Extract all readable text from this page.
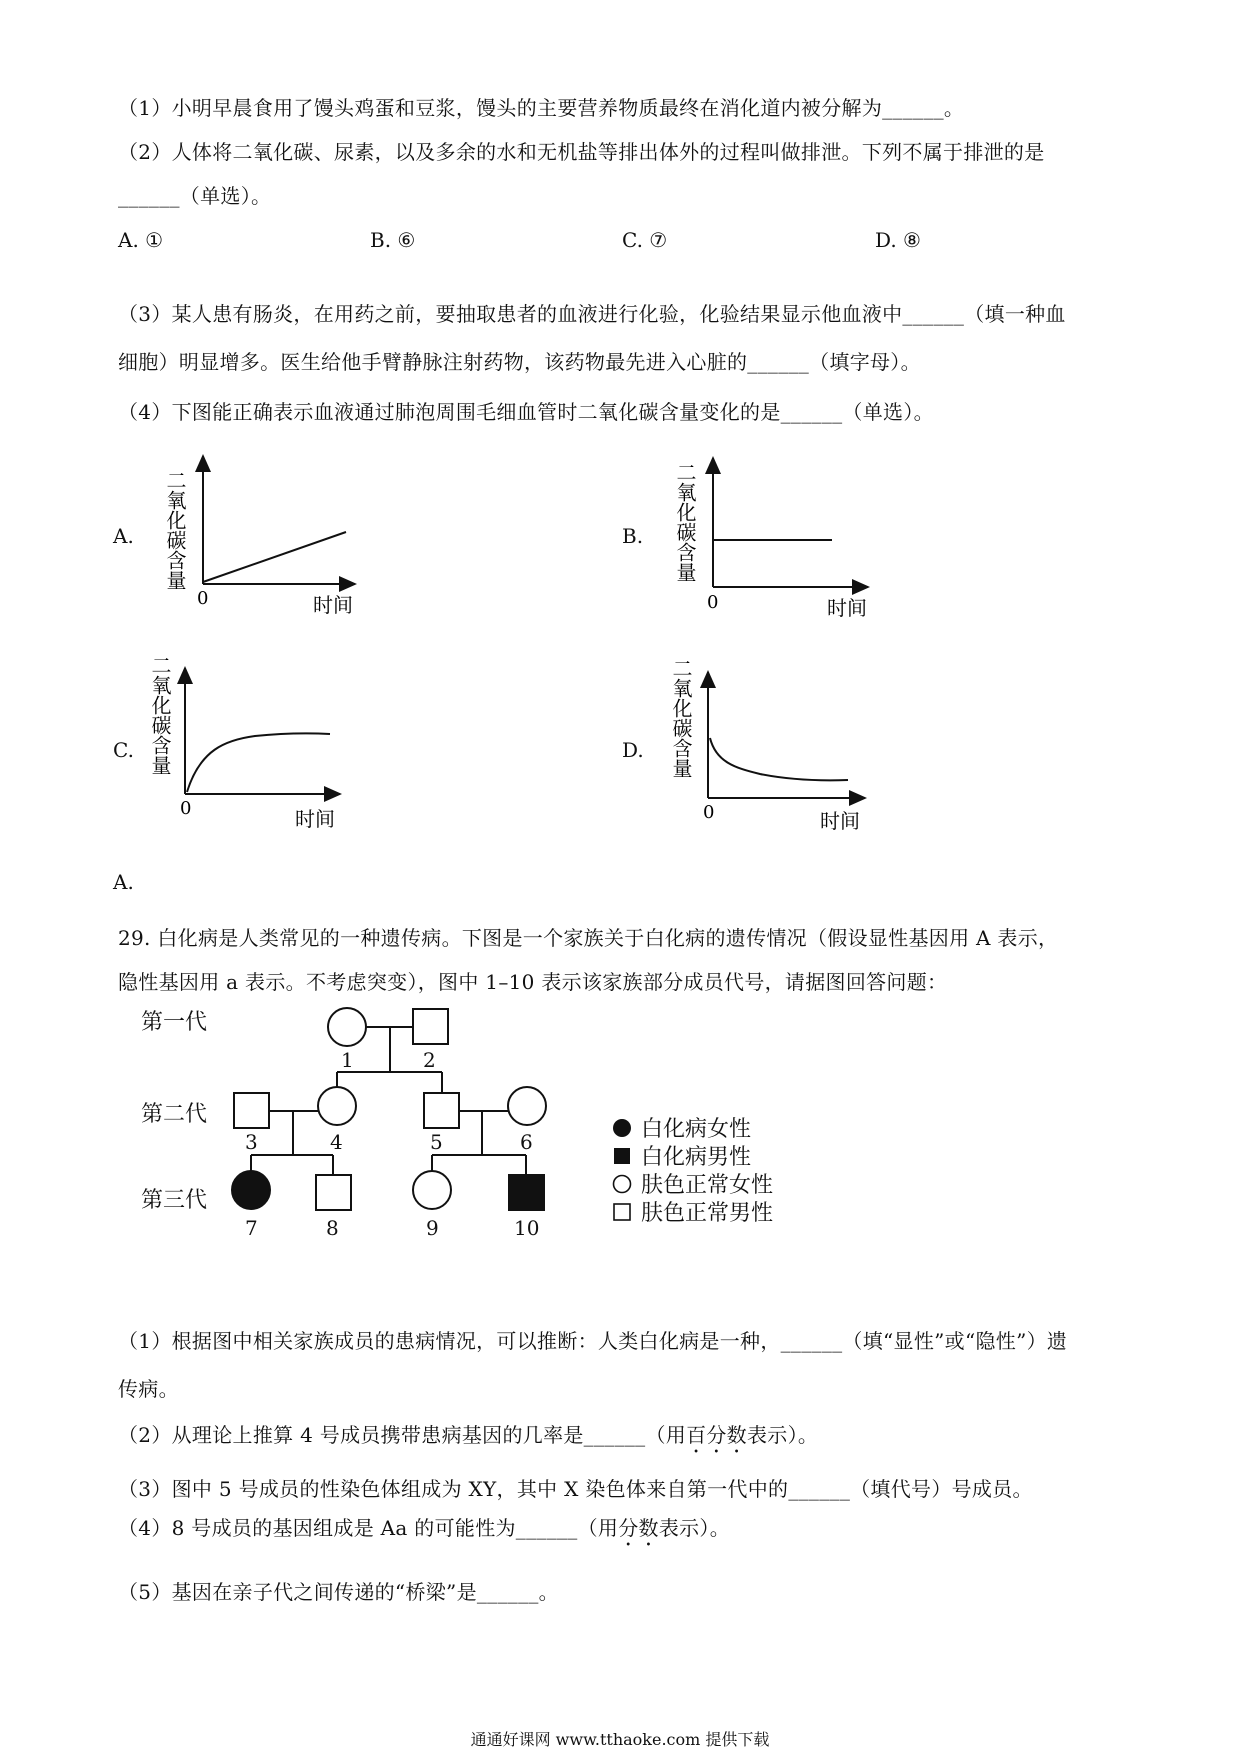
（1）小明早晨食用了馒头鸡蛋和豆浆，馒头的主要营养物质最终在消化道内被分解为______。
（2）人体将二氧化碳、尿素，以及多余的水和无机盐等排出体外的过程叫做排泄。下列不属于排泄的是
______（单选）。
A. ①	B. ⑥	C. ⑦	D. ⑧
（3）某人患有肠炎，在用药之前，要抽取患者的血液进行化验，化验结果显示他血液中______（填一种血
细胞）明显增多。医生给他手臂静脉注射药物，该药物最先进入心脏的______（填字母）。
（4）下图能正确表示血液通过肺泡周围毛细血管时二氧化碳含量变化的是______（单选）。
A.
0	时间
二氧化碳含量	B.
0	时间
二氧化碳含量
C.
0	时间
二氧化碳含量	D.
0	时间
二氧化碳含量
A.
29. 白化病是人类常见的一种遗传病。下图是一个家族关于白化病的遗传情况（假设显性基因用 A 表示，
隐性基因用 a 表示。不考虑突变），图中 1–10 表示该家族部分成员代号，请据图回答问题：
第一代
第二代
第三代
1	2
3	4	5	6
7	8	9	10
白化病女性
白化病男性
肤色正常女性
肤色正常男性
（1）根据图中相关家族成员的患病情况，可以推断：人类白化病是一种，______（填“显性”或“隐性”）遗
传病。
（2）从理论上推算 4 号成员携带患病基因的几率是______（用百分数表示）。
（3）图中 5 号成员的性染色体组成为 XY，其中 X 染色体来自第一代中的______（填代号）号成员。
（4）8 号成员的基因组成是 Aa 的可能性为______（用分数表示）。
（5）基因在亲子代之间传递的“桥梁”是______。
通通好课网 www.tthaoke.com 提供下载
